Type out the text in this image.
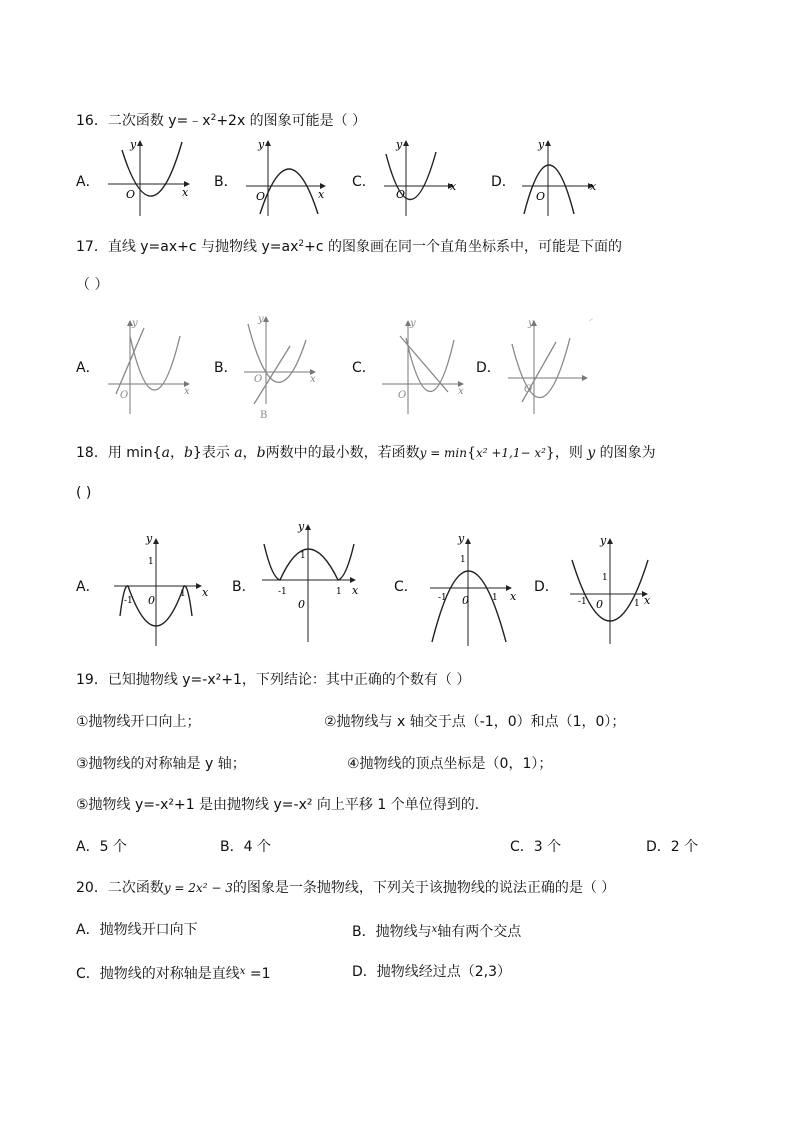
16．二次函数 $y=﹣x^2+2x$ 的图象可能是（ ）
A．
x
y
O
B．
x
y
O
C．	x
y
O
D．	x
y
O
17．直线 y=ax+c 与抛物线 $y=ax^2+c$ 的图象画在同一个直角坐标系中，可能是下面的
（ ）
A．
x
y
O
B．
x
y
O
B
C．
x
y
O
D．
y
O
⸍
18．用 min{a，b}表示 a，b两数中的最小数，若函数y = min{x² +1,1− x²}，则 y 的图象为
( )
A．	x
y
1
-1
1
0
B．	x
y
1
-1	1
0
C．
x
y
1
-1	1
0
D．
x
y
1
-1	1
0
19．已知抛物线 y=-x²+1，下列结论：其中正确的个数有（ ）
①抛物线开口向上；	②抛物线与 x 轴交于点（-1，0）和点（1，0）；
③抛物线的对称轴是 y 轴；	④抛物线的顶点坐标是（0，1）；
⑤抛物线 y=-x²+1 是由抛物线 y=-x² 向上平移 1 个单位得到的．
A．5 个	B．4 个	C．3 个	D．2 个
20．二次函数y = 2x² − 3的图象是一条抛物线，下列关于该抛物线的说法正确的是（ ）
A．抛物线开口向下	B．抛物线与$^x$轴有两个交点
C．抛物线的对称轴是直线$^x$ =1	D．抛物线经过点（2,3）
